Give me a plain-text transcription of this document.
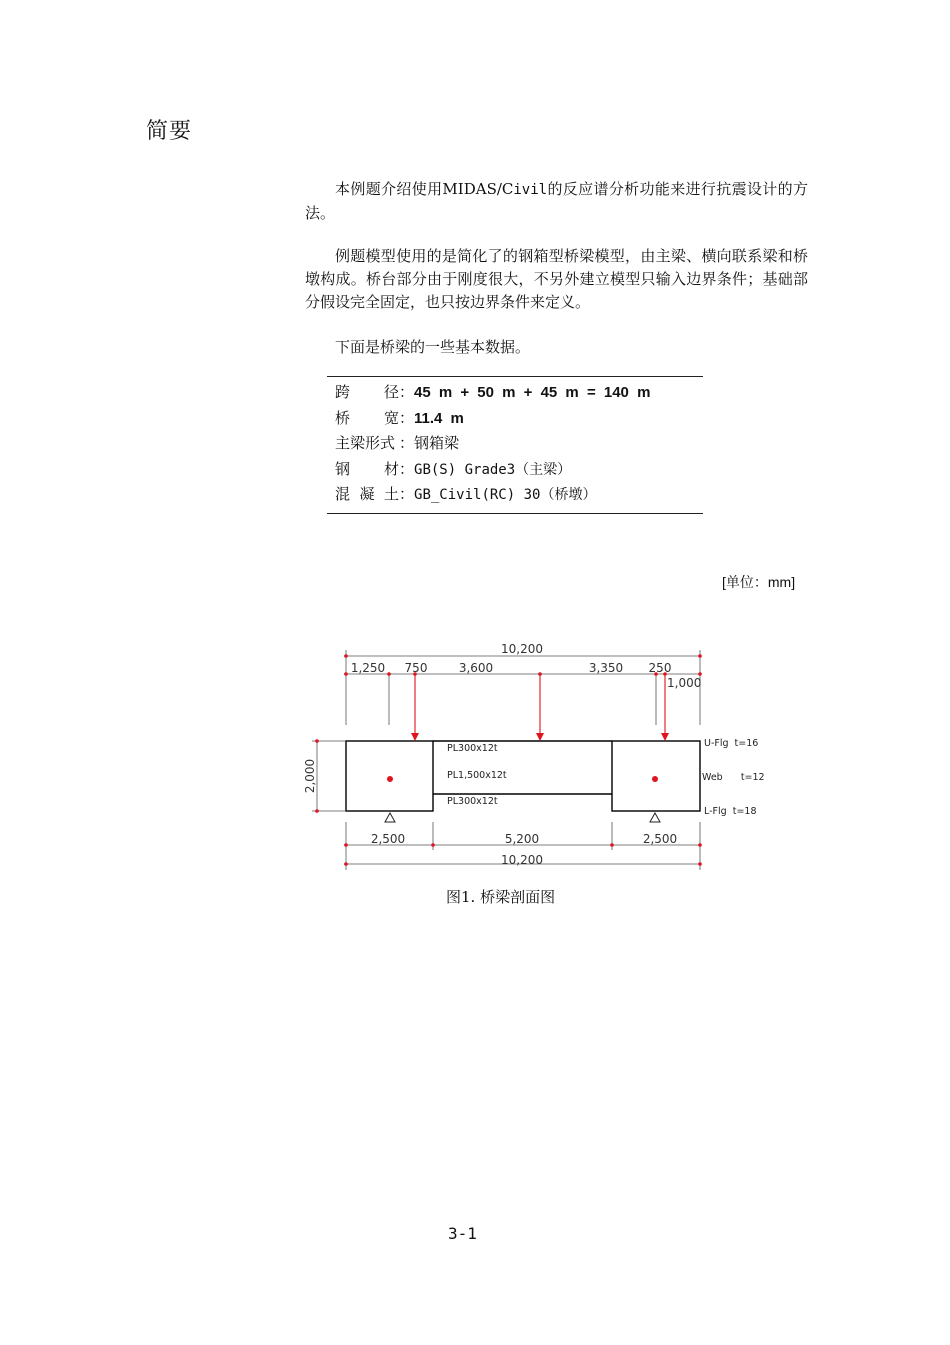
简要
本例题介绍使用MIDAS/Civil的反应谱分析功能来进行抗震设计的方法。
例题模型使用的是简化了的钢箱型桥梁模型，由主梁、横向联系梁和桥墩构成。桥台部分由于刚度很大，不另外建立模型只输入边界条件；基础部分假设完全固定，也只按边界条件来定义。
下面是桥梁的一些基本数据。
跨 径 ：45 m + 50 m + 45 m = 140 m
桥 宽 ：11.4 m
主梁形式 ：钢箱梁
钢 材 ：GB(S) Grade3（主梁）
混 凝 土 ：GB_Civil(RC) 30（桥墩）
[单位：mm]
10,200
1,250 750	3,600	3,350 250
1,000
2,000
PL300x12t
PL1,500x12t
PL300x12t
U-Flg  t=16
Web      t=12
L-Flg  t=18
2,500	5,200	2,500
10,200
图1. 桥梁剖面图
3-1
